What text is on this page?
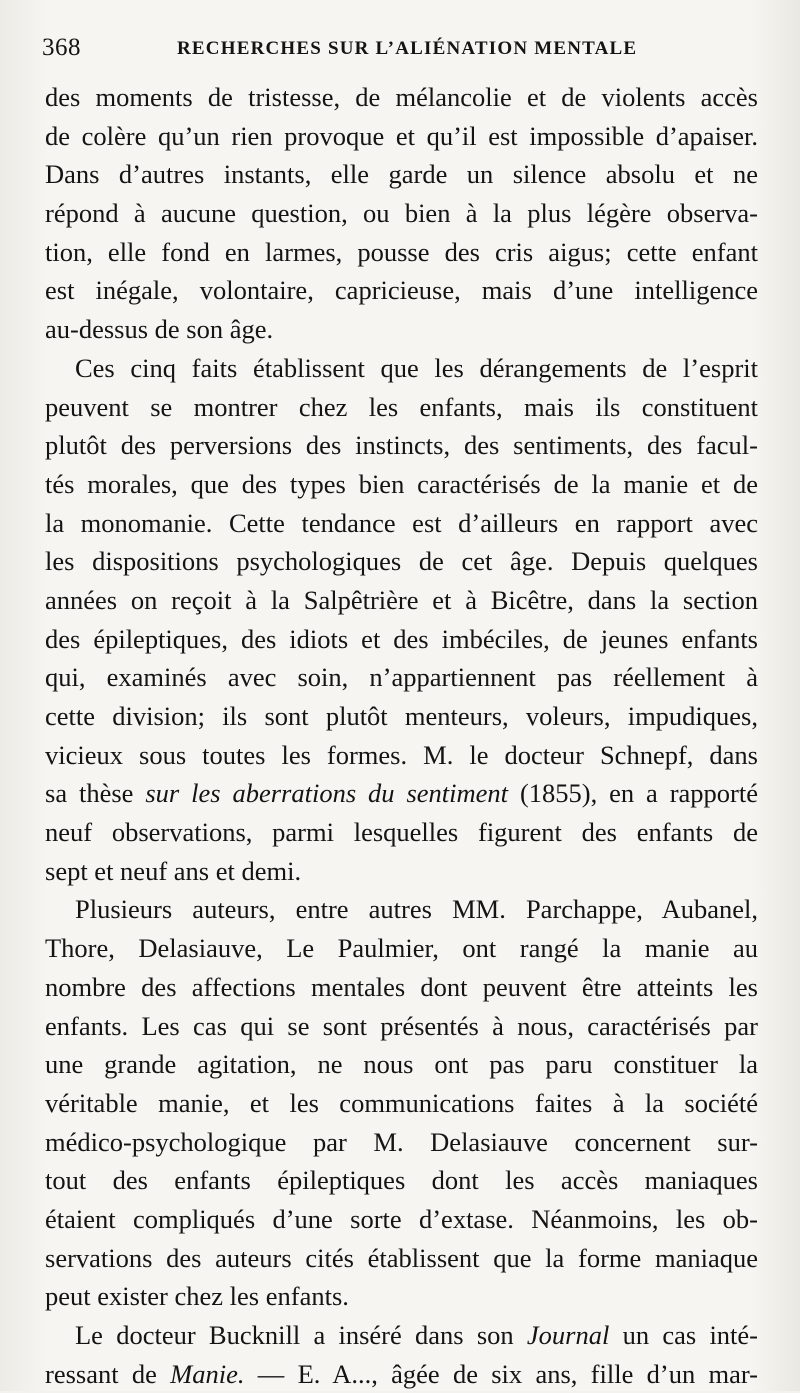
368	RECHERCHES SUR L’ALIÉNATION MENTALE
des moments de tristesse, de mélancolie et de violents accès
de colère qu’un rien provoque et qu’il est impossible d’apaiser.
Dans d’autres instants, elle garde un silence absolu et ne
répond à aucune question, ou bien à la plus légère observa-
tion, elle fond en larmes, pousse des cris aigus; cette enfant
est inégale, volontaire, capricieuse, mais d’une intelligence
au-dessus de son âge.
Ces cinq faits établissent que les dérangements de l’esprit
peuvent se montrer chez les enfants, mais ils constituent
plutôt des perversions des instincts, des sentiments, des facul-
tés morales, que des types bien caractérisés de la manie et de
la monomanie. Cette tendance est d’ailleurs en rapport avec
les dispositions psychologiques de cet âge. Depuis quelques
années on reçoit à la Salpêtrière et à Bicêtre, dans la section
des épileptiques, des idiots et des imbéciles, de jeunes enfants
qui, examinés avec soin, n’appartiennent pas réellement à
cette division; ils sont plutôt menteurs, voleurs, impudiques,
vicieux sous toutes les formes. M. le docteur Schnepf, dans
sa thèse sur les aberrations du sentiment (1855), en a rapporté
neuf observations, parmi lesquelles figurent des enfants de
sept et neuf ans et demi.
Plusieurs auteurs, entre autres MM. Parchappe, Aubanel,
Thore, Delasiauve, Le Paulmier, ont rangé la manie au
nombre des affections mentales dont peuvent être atteints les
enfants. Les cas qui se sont présentés à nous, caractérisés par
une grande agitation, ne nous ont pas paru constituer la
véritable manie, et les communications faites à la société
médico-psychologique par M. Delasiauve concernent sur-
tout des enfants épileptiques dont les accès maniaques
étaient compliqués d’une sorte d’extase. Néanmoins, les ob-
servations des auteurs cités établissent que la forme maniaque
peut exister chez les enfants.
Le docteur Bucknill a inséré dans son Journal un cas inté-
ressant de Manie. — E. A..., âgée de six ans, fille d’un mar-
